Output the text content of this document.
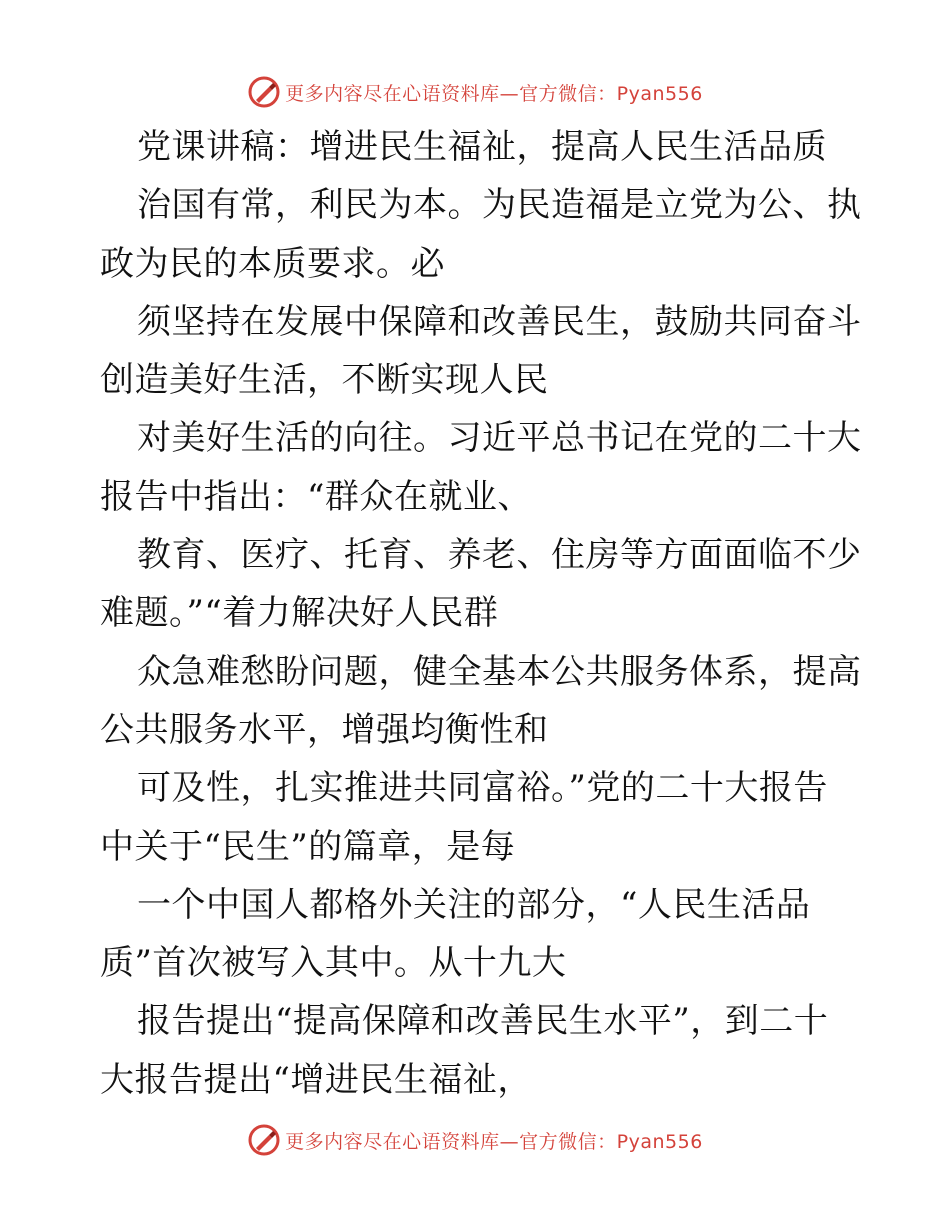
更多内容尽在心语资料库—官方微信：Pyan556
党课讲稿：增进民生福祉，提高人民生活品质
治国有常，利民为本。为民造福是立党为公、执
政为民的本质要求。必
须坚持在发展中保障和改善民生，鼓励共同奋斗
创造美好生活，不断实现人民
对美好生活的向往。习近平总书记在党的二十大
报告中指出：“群众在就业、
教育、医疗、托育、养老、住房等方面面临不少
难题。”“着力解决好人民群
众急难愁盼问题，健全基本公共服务体系，提高
公共服务水平，增强均衡性和
可及性，扎实推进共同富裕。”党的二十大报告
中关于“民生”的篇章，是每
一个中国人都格外关注的部分，“人民生活品
质”首次被写入其中。从十九大
报告提出“提高保障和改善民生水平”，到二十
大报告提出“增进民生福祉，
更多内容尽在心语资料库—官方微信：Pyan556
